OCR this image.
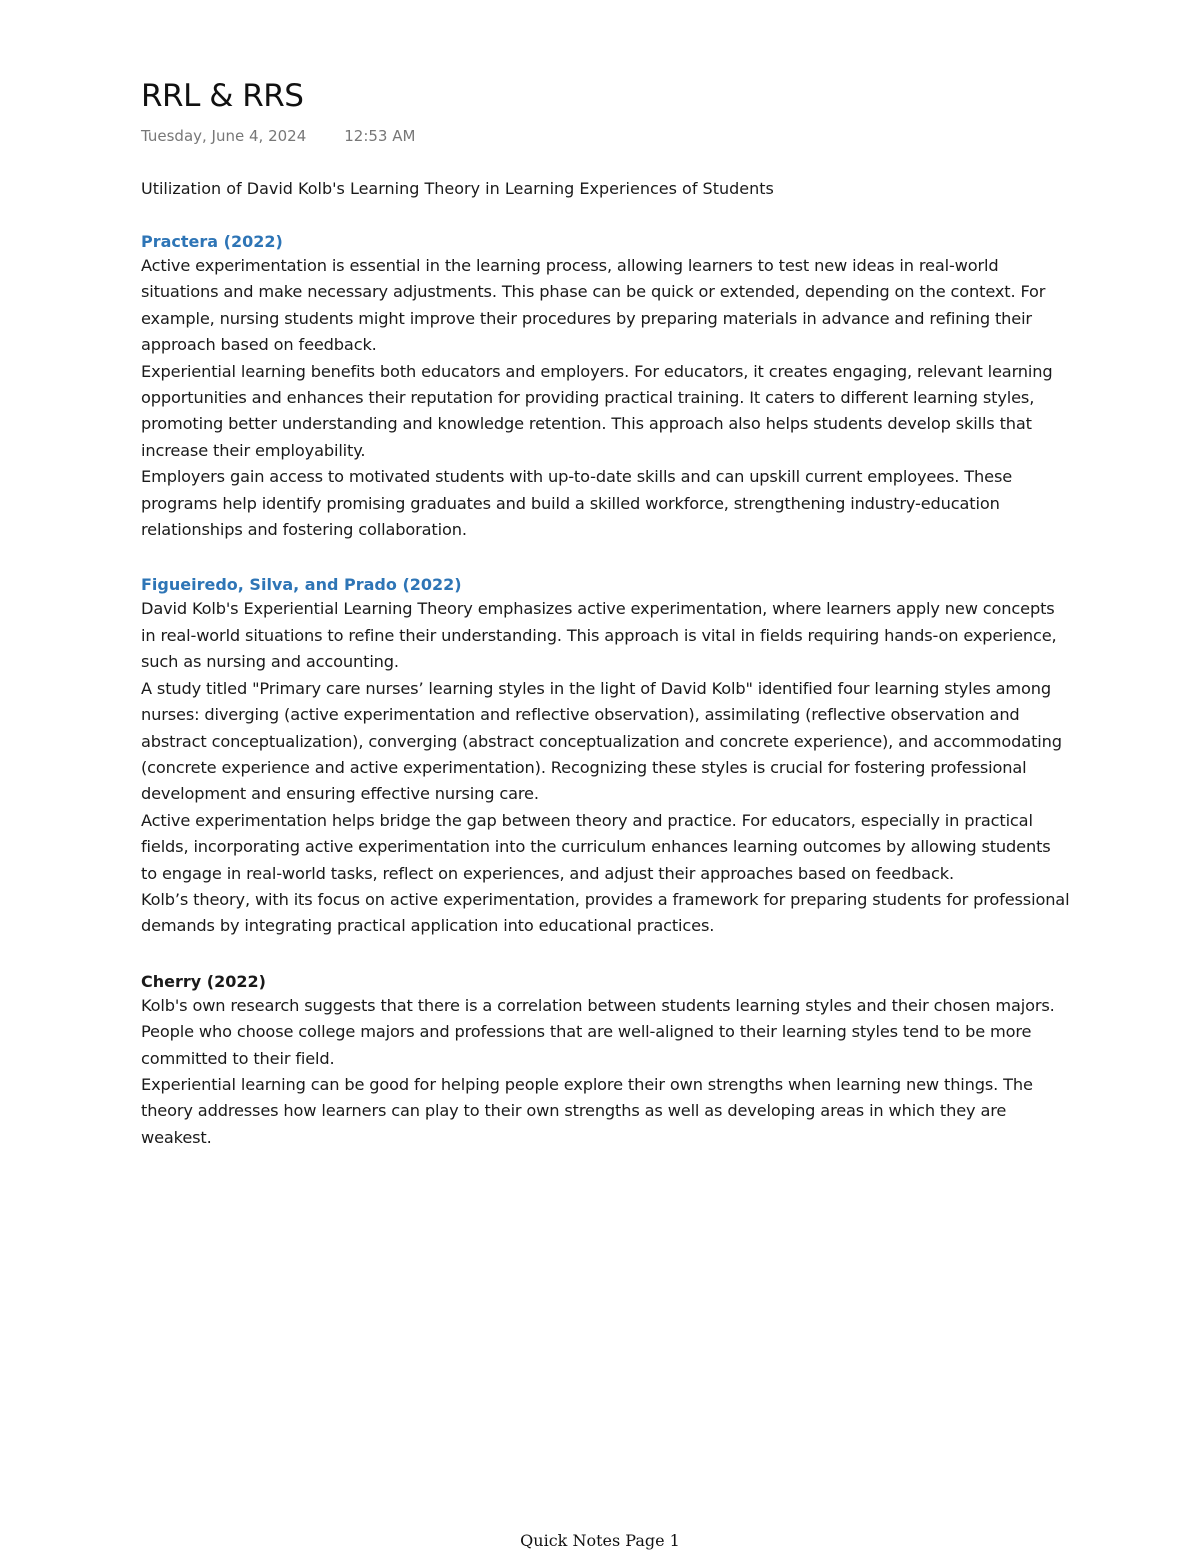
RRL & RRS
Tuesday, June 4, 2024	12:53 AM
Utilization of David Kolb's Learning Theory in Learning Experiences of Students
Practera (2022)

Active experimentation is essential in the learning process, allowing learners to test new ideas in real-world situations and make necessary adjustments. This phase can be quick or extended, depending on the context. For example, nursing students might improve their procedures by preparing materials in advance and refining their approach based on feedback.

Experiential learning benefits both educators and employers. For educators, it creates engaging, relevant learning opportunities and enhances their reputation for providing practical training. It caters to different learning styles, promoting better understanding and knowledge retention. This approach also helps students develop skills that increase their employability.

Employers gain access to motivated students with up-to-date skills and can upskill current employees. These programs help identify promising graduates and build a skilled workforce, strengthening industry-education relationships and fostering collaboration.

Figueiredo, Silva, and Prado (2022)

David Kolb's Experiential Learning Theory emphasizes active experimentation, where learners apply new concepts in real-world situations to refine their understanding. This approach is vital in fields requiring hands-on experience, such as nursing and accounting.

A study titled "Primary care nurses’ learning styles in the light of David Kolb" identified four learning styles among nurses: diverging (active experimentation and reflective observation), assimilating (reflective observation and abstract conceptualization), converging (abstract conceptualization and concrete experience), and accommodating (concrete experience and active experimentation). Recognizing these styles is crucial for fostering professional development and ensuring effective nursing care.

Active experimentation helps bridge the gap between theory and practice. For educators, especially in practical fields, incorporating active experimentation into the curriculum enhances learning outcomes by allowing students to engage in real-world tasks, reflect on experiences, and adjust their approaches based on feedback.

Kolb’s theory, with its focus on active experimentation, provides a framework for preparing students for professional demands by integrating practical application into educational practices.

Cherry (2022)

Kolb's own research suggests that there is a correlation between students learning styles and their chosen majors. People who choose college majors and professions that are well-aligned to their learning styles tend to be more committed to their field.

Experiential learning can be good for helping people explore their own strengths when learning new things. The theory addresses how learners can play to their own strengths as well as developing areas in which they are weakest.

Quick Notes Page 1
